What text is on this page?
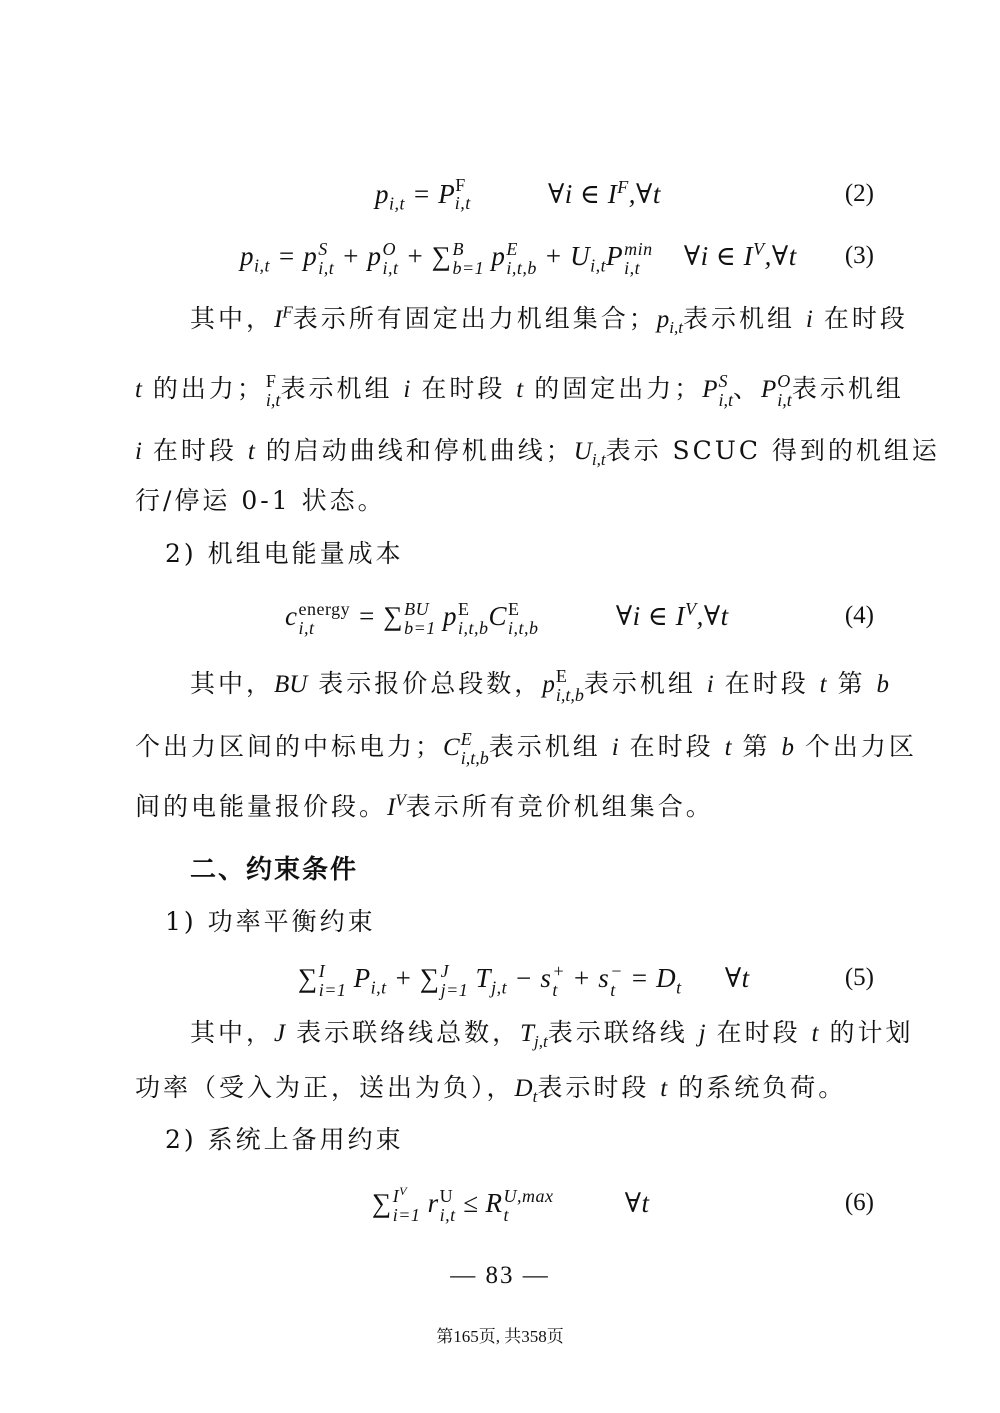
$p_{i,t} = P^F_{i,t}$	∀i ∈ $I^F,\forall t$	(2)
$p_{i,t} = p$ S
i,t + p O
i,t + ∑ B
b=1 p E
$i,t,b + U_{i,t}P$ min
i,t	∀i ∈ $I^V,\forall t$ (3)
其中，$I^F$表示所有固定出力机组集合；$p_{i,t}$表示机组 i 在时段
t 的出力； F
i,t 表示机组 i 在时段 t 的固定出力；P S
i,t 、P O
i,t 表示机组
i 在时段 t 的启动曲线和停机曲线；$U_{i,t}$表示 SCUC 得到的机组运
行/停运 0-1 状态。
2) 机组电能量成本
c energy
i,t	= ∑ BU
b=1 p E
i,t,b C E
i,t,b	∀i ∈ $I^V,\forall t$	(4)
其中，BU 表示报价总段数，p E
i,t,b 表示机组 i 在时段 t 第 b
个出力区间的中标电力；C E
i,t,b 表示机组 i 在时段 t 第 b 个出力区
间的电能量报价段。$I^V$表示所有竞价机组集合。
二、约束条件
1) 功率平衡约束
∑ I
i=1 $P_{i,t}$ + ∑ J
j=1 $T_{j,t} - s$ +
t + s −
$t = D_t$ ∀t	(5)
其中，J 表示联络线总数，$T_{j,t}$表示联络线 j 在时段 t 的计划
功率（受入为正，送出为负），$D_t$表示时段 t 的系统负荷。
2) 系统上备用约束
∑ $I^V$
i=1 r U
i,t ≤ R U,max
t	∀t	(6)
— 83 —
第165页, 共358页
